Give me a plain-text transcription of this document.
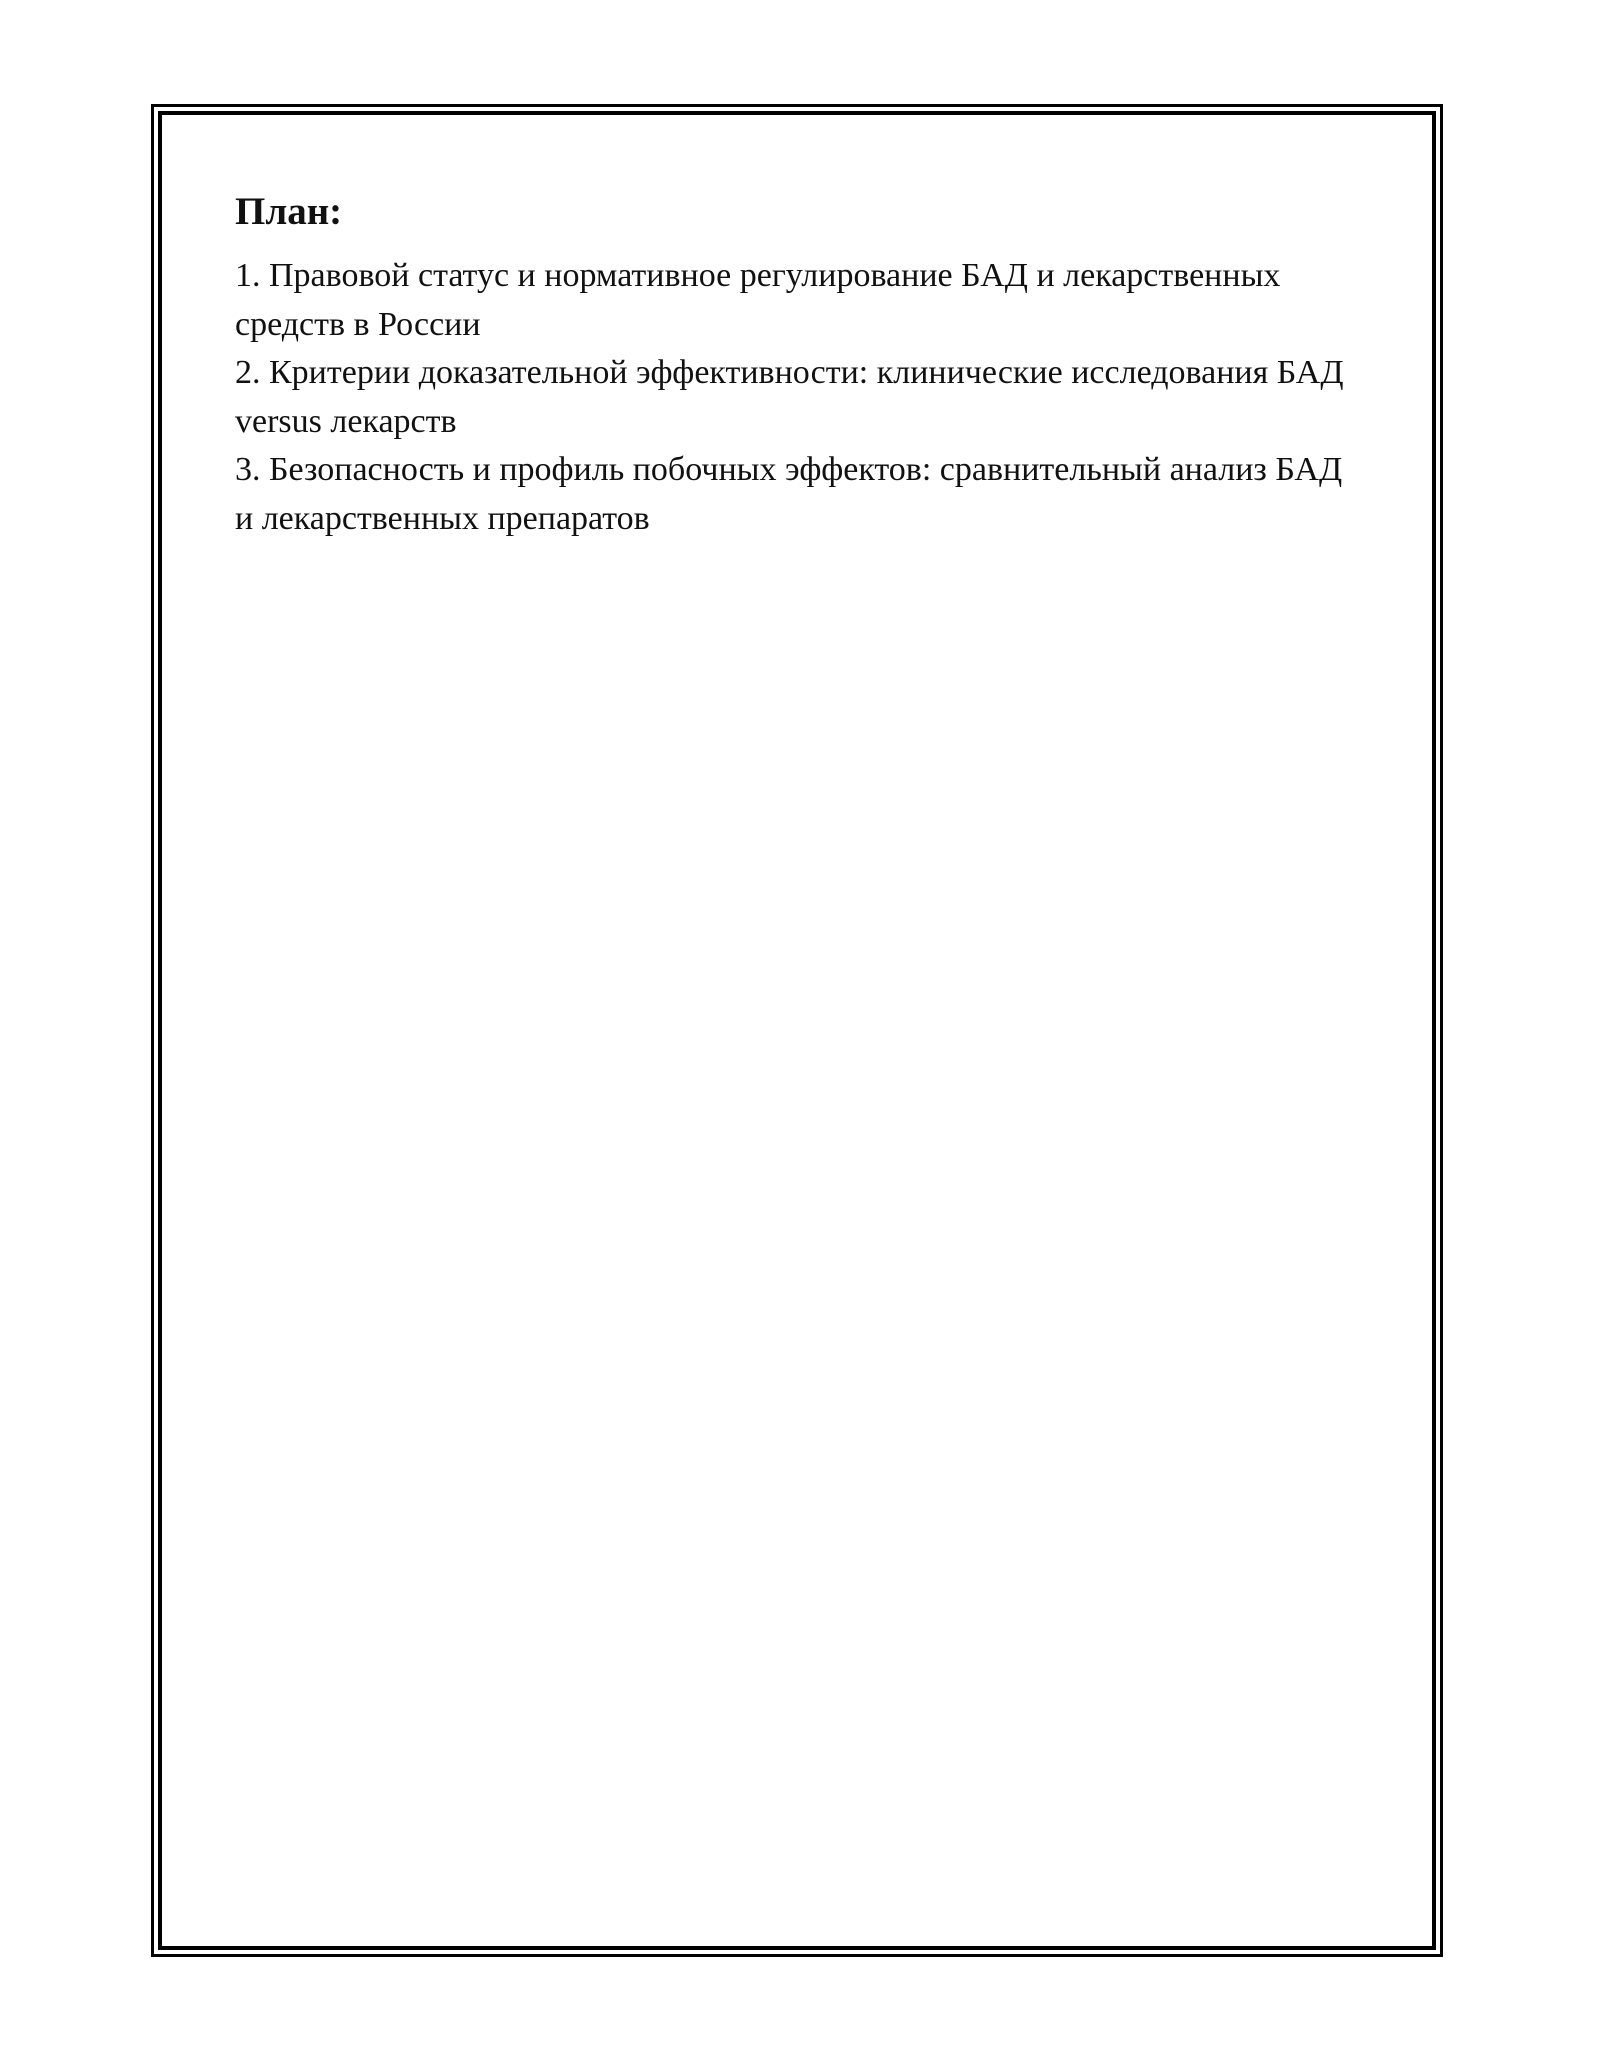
План:
1. Правовой статус и нормативное регулирование БАД и лекарственных средств в России
2. Критерии доказательной эффективности: клинические исследования БАД versus лекарств
3. Безопасность и профиль побочных эффектов: сравнительный анализ БАД и лекарственных препаратов
